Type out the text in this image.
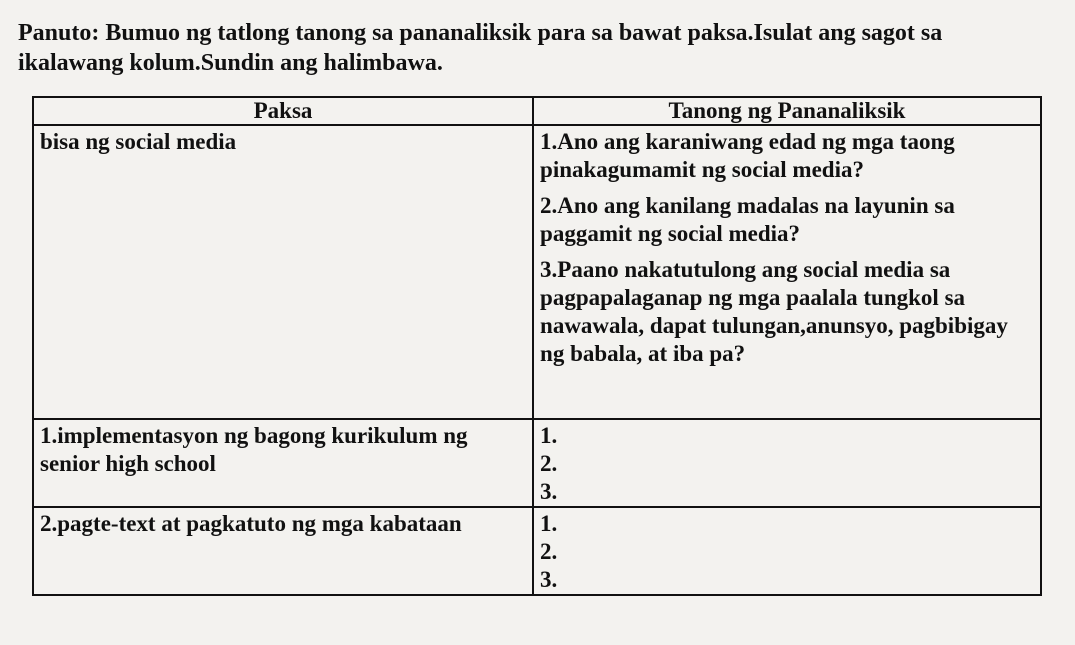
Panuto: Bumuo ng tatlong tanong sa pananaliksik para sa bawat paksa.Isulat ang sagot sa ikalawang kolum.Sundin ang halimbawa.
Paksa	Tanong ng Pananaliksik

bisa ng social media	1.Ano ang karaniwang edad ng mga taong pinakagumamit ng social media?
2.Ano ang kanilang madalas na layunin sa paggamit ng social media?
3.Paano nakatutulong ang social media sa pagpapalaganap ng mga paalala tungkol sa nawawala, dapat tulungan,anunsyo, pagbibigay ng babala, at iba pa?

1.implementasyon ng bagong kurikulum ng senior high school	1.
2.
3.

2.pagte-text at pagkatuto ng mga kabataan	1.
2.
3.
